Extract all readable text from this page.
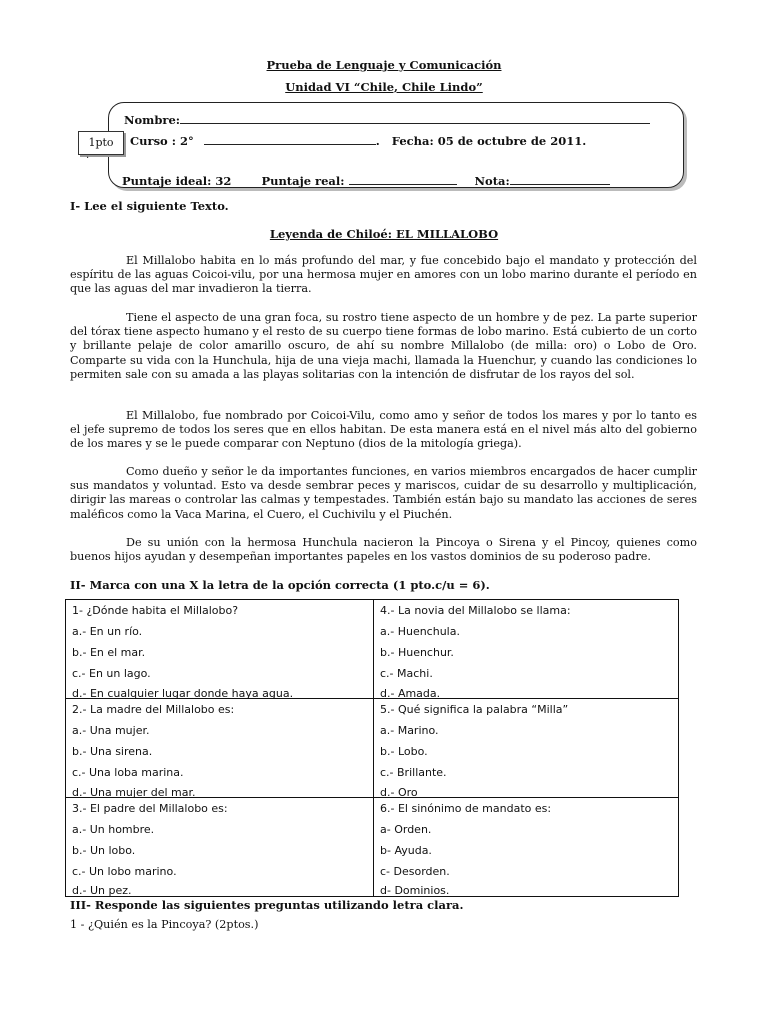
Prueba de Lenguaje y Comunicación
Unidad VI “Chile, Chile Lindo”
Nombre:
Curso : 2°	. Fecha: 05 de octubre de 2011.
1pto
.
Puntaje ideal: 32	Puntaje real:	Nota:
I- Lee el siguiente Texto.
Leyenda de Chiloé: EL MILLALOBO

El Millalobo habita en lo más profundo del mar, y fue concebido bajo el mandato y protección del espíritu de las aguas Coicoi-vilu, por una hermosa mujer en amores con un lobo marino durante el período en que las aguas del mar invadieron la tierra.

Tiene el aspecto de una gran foca, su rostro tiene aspecto de un hombre y de pez. La parte superior del tórax tiene aspecto humano y el resto de su cuerpo tiene formas de lobo marino. Está cubierto de un corto y brillante pelaje de color amarillo oscuro, de ahí su nombre Millalobo (de milla: oro) o Lobo de Oro. Comparte su vida con la Hunchula, hija de una vieja machi, llamada la Huenchur, y cuando las condiciones lo permiten sale con su amada a las playas solitarias con la intención de disfrutar de los rayos del sol.

El Millalobo, fue nombrado por Coicoi-Vilu, como amo y señor de todos los mares y por lo tanto es el jefe supremo de todos los seres que en ellos habitan. De esta manera está en el nivel más alto del gobierno de los mares y se le puede comparar con Neptuno (dios de la mitología griega).

Como dueño y señor le da importantes funciones, en varios miembros encargados de hacer cumplir sus mandatos y voluntad. Esto va desde sembrar peces y mariscos, cuidar de su desarrollo y multiplicación, dirigir las mareas o controlar las calmas y tempestades. También están bajo su mandato las acciones de seres maléficos como la Vaca Marina, el Cuero, el Cuchivilu y el Piuchén.

De su unión con la hermosa Hunchula nacieron la Pincoya o Sirena y el Pincoy, quienes como buenos hijos ayudan y desempeñan importantes papeles en los vastos dominios de su poderoso padre.

II- Marca con una X la letra de la opción correcta (1 pto.c/u = 6).
1- ¿Dónde habita el Millalobo?
a.- En un río.
b.- En el mar.
c.- En un lago.
d.- En cualquier lugar donde haya agua.
4.- La novia del Millalobo se llama:
a.- Huenchula.
b.- Huenchur.
c.- Machi.
d.- Amada.
2.- La madre del Millalobo es:
a.- Una mujer.
b.- Una sirena.
c.- Una loba marina.
d.- Una mujer del mar.
5.- Qué significa la palabra “Milla”
a.- Marino.
b.- Lobo.
c.- Brillante.
d.- Oro
3.- El padre del Millalobo es:
a.- Un hombre.
b.- Un lobo.
c.- Un lobo marino.
d.- Un pez.
6.- El sinónimo de mandato es:
a- Orden.
b- Ayuda.
c- Desorden.
d- Dominios.
III- Responde las siguientes preguntas utilizando letra clara.
1 - ¿Quién es la Pincoya? (2ptos.)
